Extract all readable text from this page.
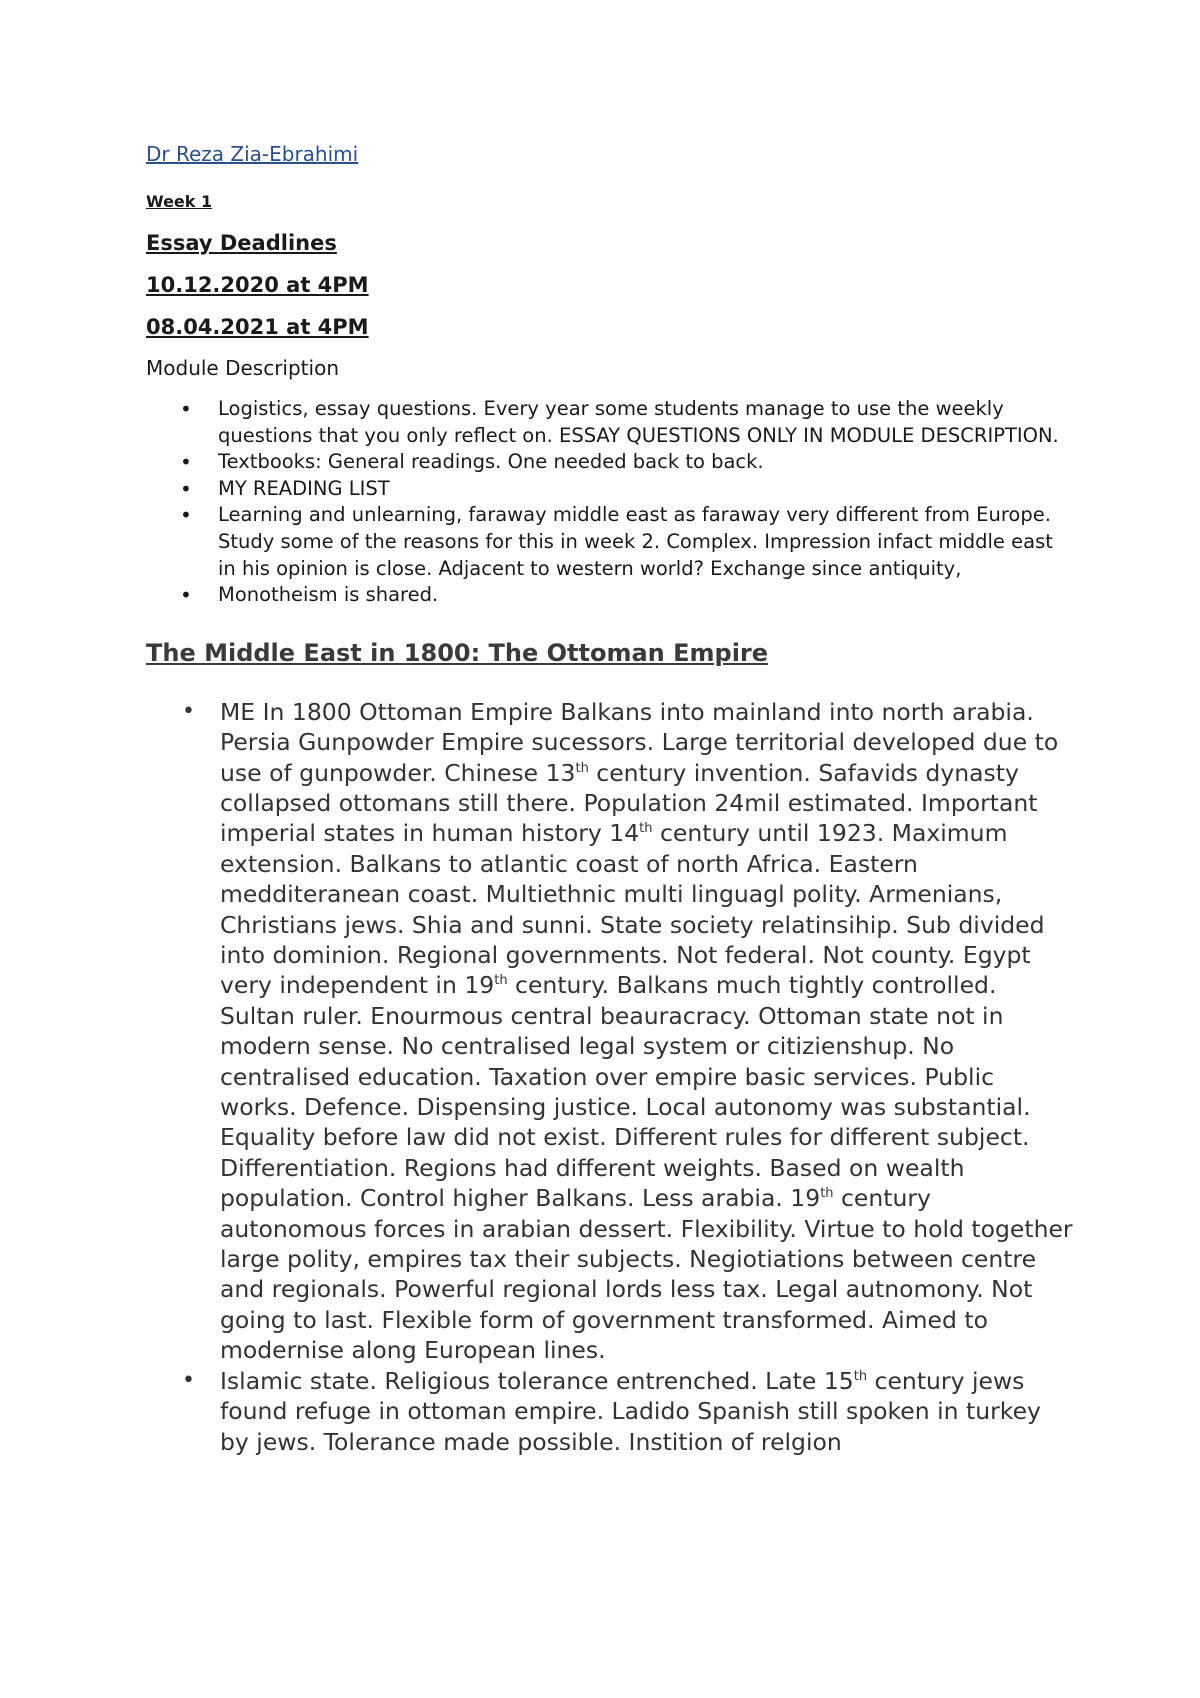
Dr Reza Zia-Ebrahimi

Week 1

Essay Deadlines

10.12.2020 at 4PM

08.04.2021 at 4PM

Module Description

• Logistics, essay questions. Every year some students manage to use the weekly questions that you only reflect on. ESSAY QUESTIONS ONLY IN MODULE DESCRIPTION.
• Textbooks: General readings. One needed back to back.
• MY READING LIST
• Learning and unlearning, faraway middle east as faraway very different from Europe. Study some of the reasons for this in week 2. Complex. Impression infact middle east in his opinion is close. Adjacent to western world? Exchange since antiquity,
• Monotheism is shared.

The Middle East in 1800: The Ottoman Empire

• ME In 1800 Ottoman Empire Balkans into mainland into north arabia. Persia Gunpowder Empire sucessors. Large territorial developed due to use of gunpowder. Chinese 13th century invention. Safavids dynasty collapsed ottomans still there. Population 24mil estimated. Important imperial states in human history 14th century until 1923. Maximum extension. Balkans to atlantic coast of north Africa. Eastern medditeranean coast. Multiethnic multi linguagl polity. Armenians, Christians jews. Shia and sunni. State society relatinsihip. Sub divided into dominion. Regional governments. Not federal. Not county. Egypt very independent in 19th century. Balkans much tightly controlled. Sultan ruler. Enourmous central beauracracy. Ottoman state not in modern sense. No centralised legal system or citizienshup. No centralised education. Taxation over empire basic services. Public works. Defence. Dispensing justice. Local autonomy was substantial. Equality before law did not exist. Different rules for different subject. Differentiation. Regions had different weights. Based on wealth population. Control higher Balkans. Less arabia. 19th century autonomous forces in arabian dessert. Flexibility. Virtue to hold together large polity, empires tax their subjects. Negiotiations between centre and regionals. Powerful regional lords less tax. Legal autnomony. Not going to last. Flexible form of government transformed. Aimed to modernise along European lines.
• Islamic state. Religious tolerance entrenched. Late 15th century jews found refuge in ottoman empire. Ladido Spanish still spoken in turkey by jews. Tolerance made possible. Instition of relgion
